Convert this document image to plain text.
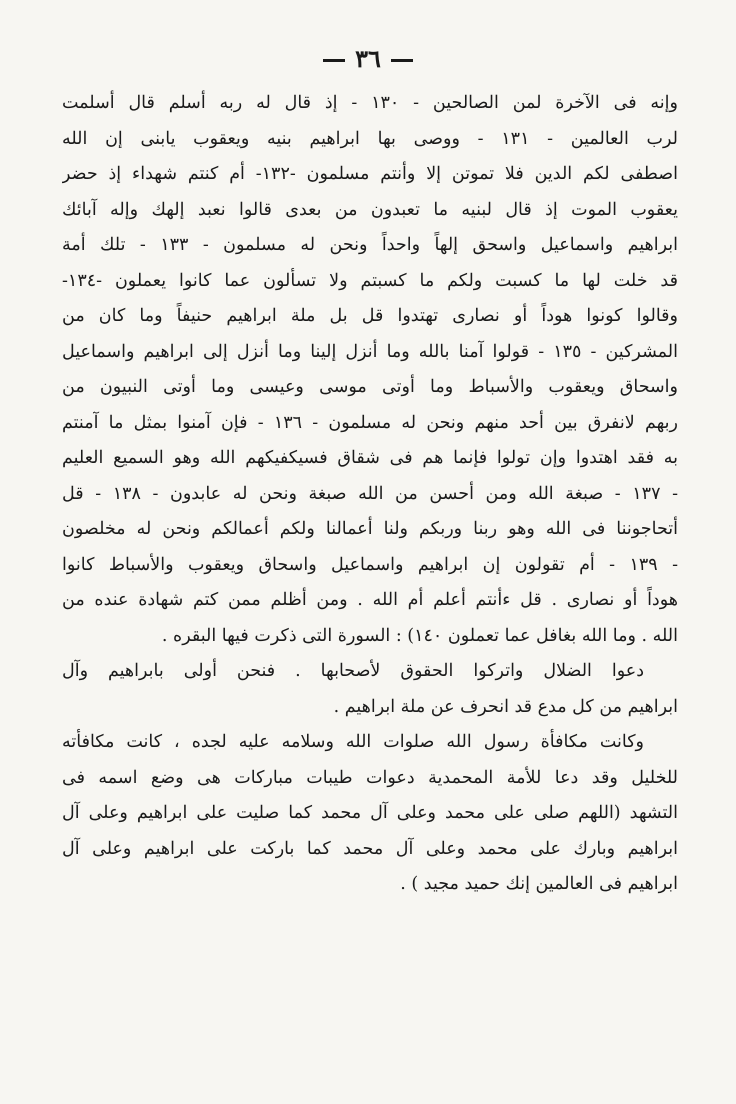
٣٦
وإنه فى الآخرة لمن الصالحين - ١٣٠ - إذ قال له ربه أسلم قال أسلمت
لرب العالمين - ١٣١ - ووصى بها ابراهيم بنيه ويعقوب يابنى إن الله
اصطفى لكم الدين فلا تموتن إلا وأنتم مسلمون -١٣٢- أم كنتم شهداء إذ حضر
يعقوب الموت إذ قال لبنيه ما تعبدون من بعدى قالوا نعبد إلهك وإله آبائك
ابراهيم واسماعيل واسحق إلهاً واحداً ونحن له مسلمون - ١٣٣ - تلك أمة
قد خلت لها ما كسبت ولكم ما كسبتم ولا تسألون عما كانوا يعملون -١٣٤-
وقالوا كونوا هوداً أو نصارى تهتدوا قل بل ملة ابراهيم حنيفاً وما كان من
المشركين - ١٣٥ - قولوا آمنا بالله وما أنزل إلينا وما أنزل إلى ابراهيم واسماعيل
واسحاق ويعقوب والأسباط وما أوتى موسى وعيسى وما أوتى النبيون من
ربهم لانفرق بين أحد منهم ونحن له مسلمون - ١٣٦ - فإن آمنوا بمثل ما آمنتم
به فقد اهتدوا وإن تولوا فإنما هم فى شقاق فسيكفيكهم الله وهو السميع العليم
- ١٣٧ - صبغة الله ومن أحسن من الله صبغة ونحن له عابدون - ١٣٨ - قل
أتحاجوننا فى الله وهو ربنا وربكم ولنا أعمالنا ولكم أعمالكم ونحن له مخلصون
- ١٣٩ - أم تقولون إن ابراهيم واسماعيل واسحاق ويعقوب والأسباط كانوا
هوداً أو نصارى . قل ءأنتم أعلم أم الله . ومن أظلم ممن كتم شهادة عنده من
الله . وما الله بغافل عما تعملون ١٤٠) : السورة التى ذكرت فيها البقره .
دعوا الضلال واتركوا الحقوق لأصحابها . فنحن أولى بابراهيم وآل
ابراهيم من كل مدع قد انحرف عن ملة ابراهيم .
وكانت مكافأة رسول الله صلوات الله وسلامه عليه لجده ، كانت مكافأته
للخليل وقد دعا للأمة المحمدية دعوات طيبات مباركات هى وضع اسمه فى
التشهد (اللهم صلى على محمد وعلى آل محمد كما صليت على ابراهيم وعلى آل
ابراهيم وبارك على محمد وعلى آل محمد كما باركت على ابراهيم وعلى آل
ابراهيم فى العالمين إنك حميد مجيد ) .
